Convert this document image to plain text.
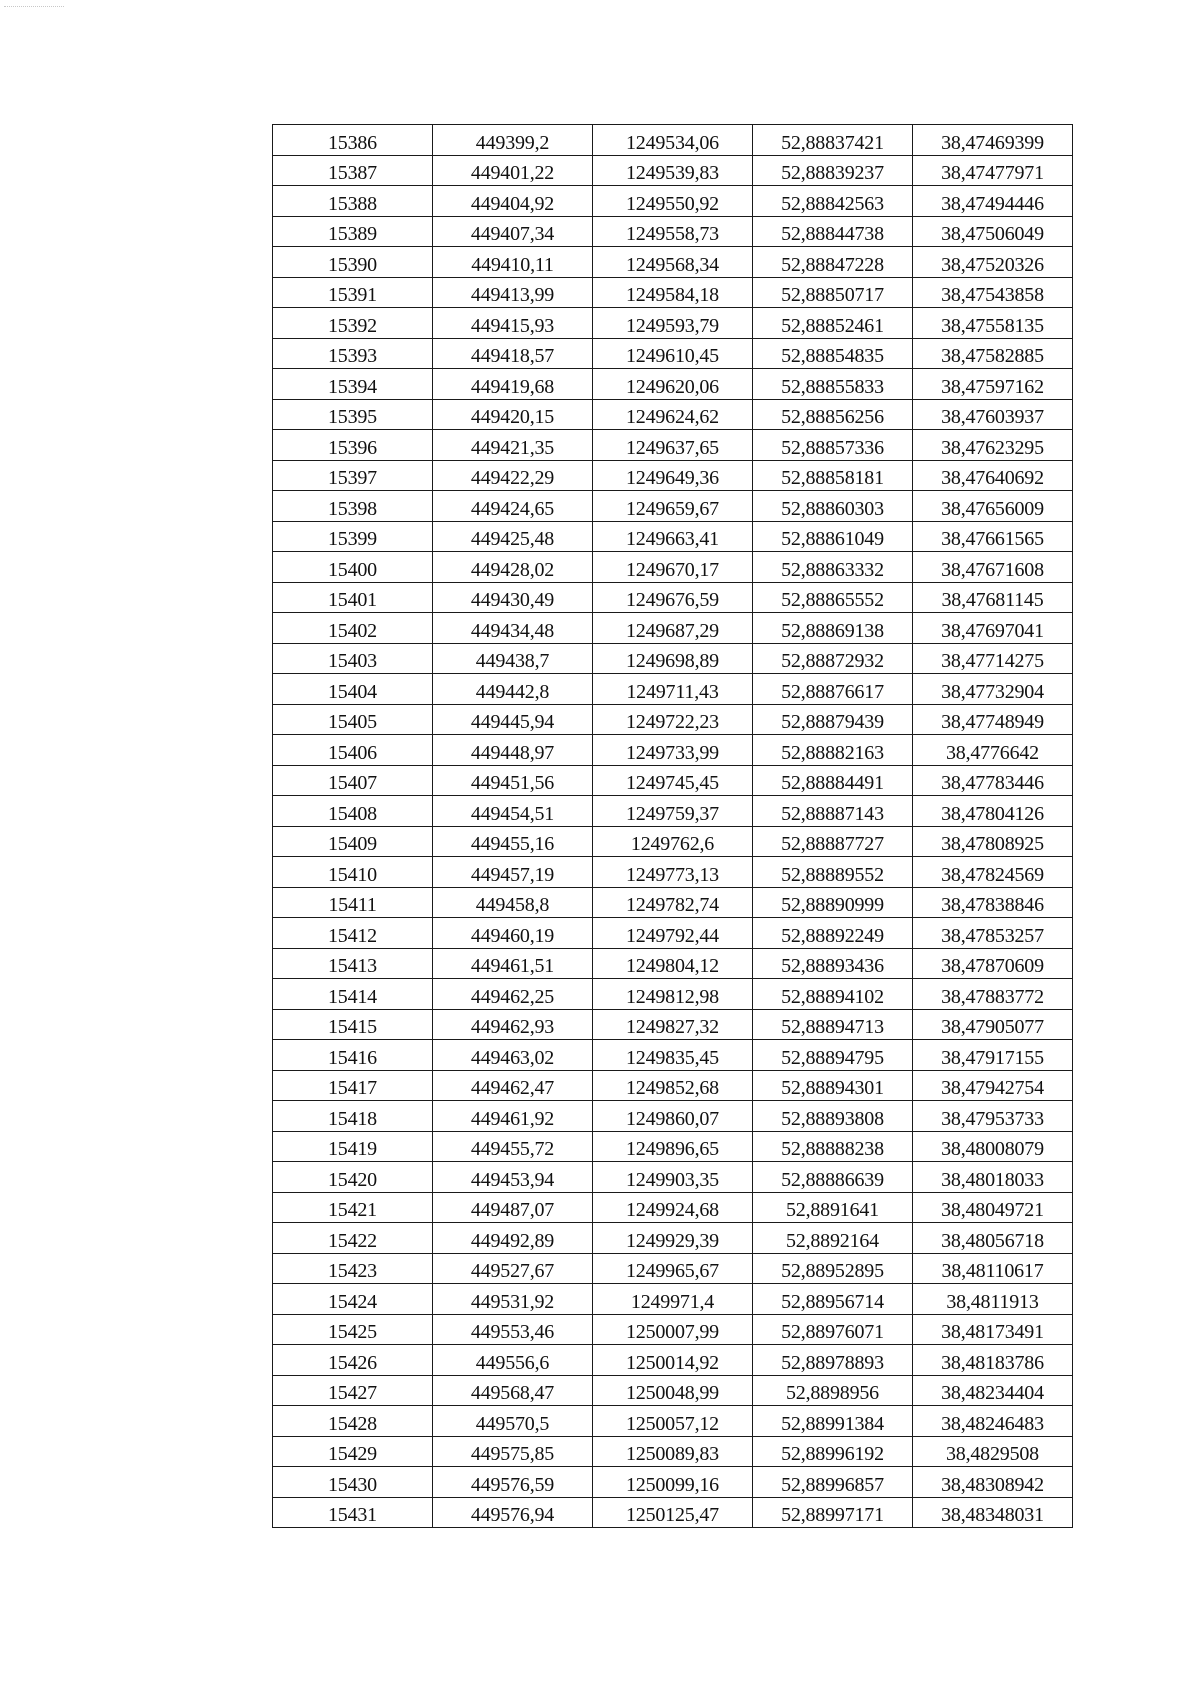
15386	449399,2	1249534,06	52,88837421	38,47469399
15387	449401,22	1249539,83	52,88839237	38,47477971
15388	449404,92	1249550,92	52,88842563	38,47494446
15389	449407,34	1249558,73	52,88844738	38,47506049
15390	449410,11	1249568,34	52,88847228	38,47520326
15391	449413,99	1249584,18	52,88850717	38,47543858
15392	449415,93	1249593,79	52,88852461	38,47558135
15393	449418,57	1249610,45	52,88854835	38,47582885
15394	449419,68	1249620,06	52,88855833	38,47597162
15395	449420,15	1249624,62	52,88856256	38,47603937
15396	449421,35	1249637,65	52,88857336	38,47623295
15397	449422,29	1249649,36	52,88858181	38,47640692
15398	449424,65	1249659,67	52,88860303	38,47656009
15399	449425,48	1249663,41	52,88861049	38,47661565
15400	449428,02	1249670,17	52,88863332	38,47671608
15401	449430,49	1249676,59	52,88865552	38,47681145
15402	449434,48	1249687,29	52,88869138	38,47697041
15403	449438,7	1249698,89	52,88872932	38,47714275
15404	449442,8	1249711,43	52,88876617	38,47732904
15405	449445,94	1249722,23	52,88879439	38,47748949
15406	449448,97	1249733,99	52,88882163	38,4776642
15407	449451,56	1249745,45	52,88884491	38,47783446
15408	449454,51	1249759,37	52,88887143	38,47804126
15409	449455,16	1249762,6	52,88887727	38,47808925
15410	449457,19	1249773,13	52,88889552	38,47824569
15411	449458,8	1249782,74	52,88890999	38,47838846
15412	449460,19	1249792,44	52,88892249	38,47853257
15413	449461,51	1249804,12	52,88893436	38,47870609
15414	449462,25	1249812,98	52,88894102	38,47883772
15415	449462,93	1249827,32	52,88894713	38,47905077
15416	449463,02	1249835,45	52,88894795	38,47917155
15417	449462,47	1249852,68	52,88894301	38,47942754
15418	449461,92	1249860,07	52,88893808	38,47953733
15419	449455,72	1249896,65	52,88888238	38,48008079
15420	449453,94	1249903,35	52,88886639	38,48018033
15421	449487,07	1249924,68	52,8891641	38,48049721
15422	449492,89	1249929,39	52,8892164	38,48056718
15423	449527,67	1249965,67	52,88952895	38,48110617
15424	449531,92	1249971,4	52,88956714	38,4811913
15425	449553,46	1250007,99	52,88976071	38,48173491
15426	449556,6	1250014,92	52,88978893	38,48183786
15427	449568,47	1250048,99	52,8898956	38,48234404
15428	449570,5	1250057,12	52,88991384	38,48246483
15429	449575,85	1250089,83	52,88996192	38,4829508
15430	449576,59	1250099,16	52,88996857	38,48308942
15431	449576,94	1250125,47	52,88997171	38,48348031
